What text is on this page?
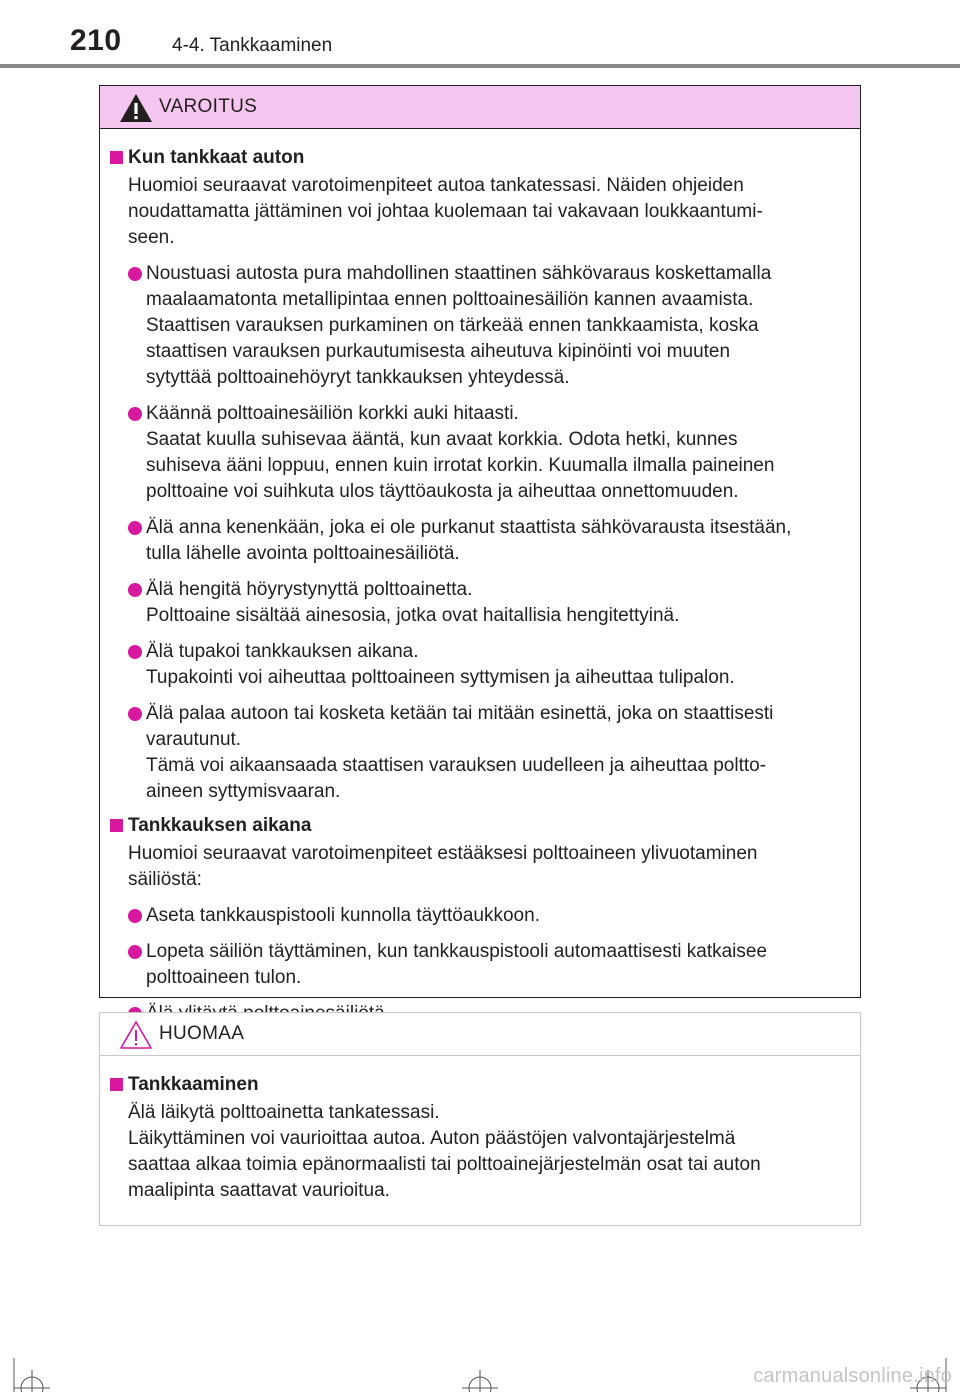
210	4-4. Tankkaaminen
VAROITUS
Kun tankkaat auton
Huomioi seuraavat varotoimenpiteet autoa tankatessasi. Näiden ohjeiden
noudattamatta jättäminen voi johtaa kuolemaan tai vakavaan loukkaantumi-
seen.
Noustuasi autosta pura mahdollinen staattinen sähkövaraus koskettamalla
maalaamatonta metallipintaa ennen polttoainesäiliön kannen avaamista.
Staattisen varauksen purkaminen on tärkeää ennen tankkaamista, koska
staattisen varauksen purkautumisesta aiheutuva kipinöinti voi muuten
sytyttää polttoainehöyryt tankkauksen yhteydessä.
Käännä polttoainesäiliön korkki auki hitaasti.
Saatat kuulla suhisevaa ääntä, kun avaat korkkia. Odota hetki, kunnes
suhiseva ääni loppuu, ennen kuin irrotat korkin. Kuumalla ilmalla paineinen
polttoaine voi suihkuta ulos täyttöaukosta ja aiheuttaa onnettomuuden.
Älä anna kenenkään, joka ei ole purkanut staattista sähkövarausta itsestään,
tulla lähelle avointa polttoainesäiliötä.
Älä hengitä höyrystynyttä polttoainetta.
Polttoaine sisältää ainesosia, jotka ovat haitallisia hengitettyinä.
Älä tupakoi tankkauksen aikana.
Tupakointi voi aiheuttaa polttoaineen syttymisen ja aiheuttaa tulipalon.
Älä palaa autoon tai kosketa ketään tai mitään esinettä, joka on staattisesti
varautunut.
Tämä voi aikaansaada staattisen varauksen uudelleen ja aiheuttaa poltto-
aineen syttymisvaaran.
Tankkauksen aikana
Huomioi seuraavat varotoimenpiteet estääksesi polttoaineen ylivuotaminen
säiliöstä:
Aseta tankkauspistooli kunnolla täyttöaukkoon.
Lopeta säiliön täyttäminen, kun tankkauspistooli automaattisesti katkaisee
polttoaineen tulon.
HUOMAA
Tankkaaminen
Älä läikytä polttoainetta tankatessasi.
Läikyttäminen voi vaurioittaa autoa. Auton päästöjen valvontajärjestelmä
saattaa alkaa toimia epänormaalisti tai polttoainejärjestelmän osat tai auton
maalipinta saattavat vaurioitua.
carmanualsonline.info
